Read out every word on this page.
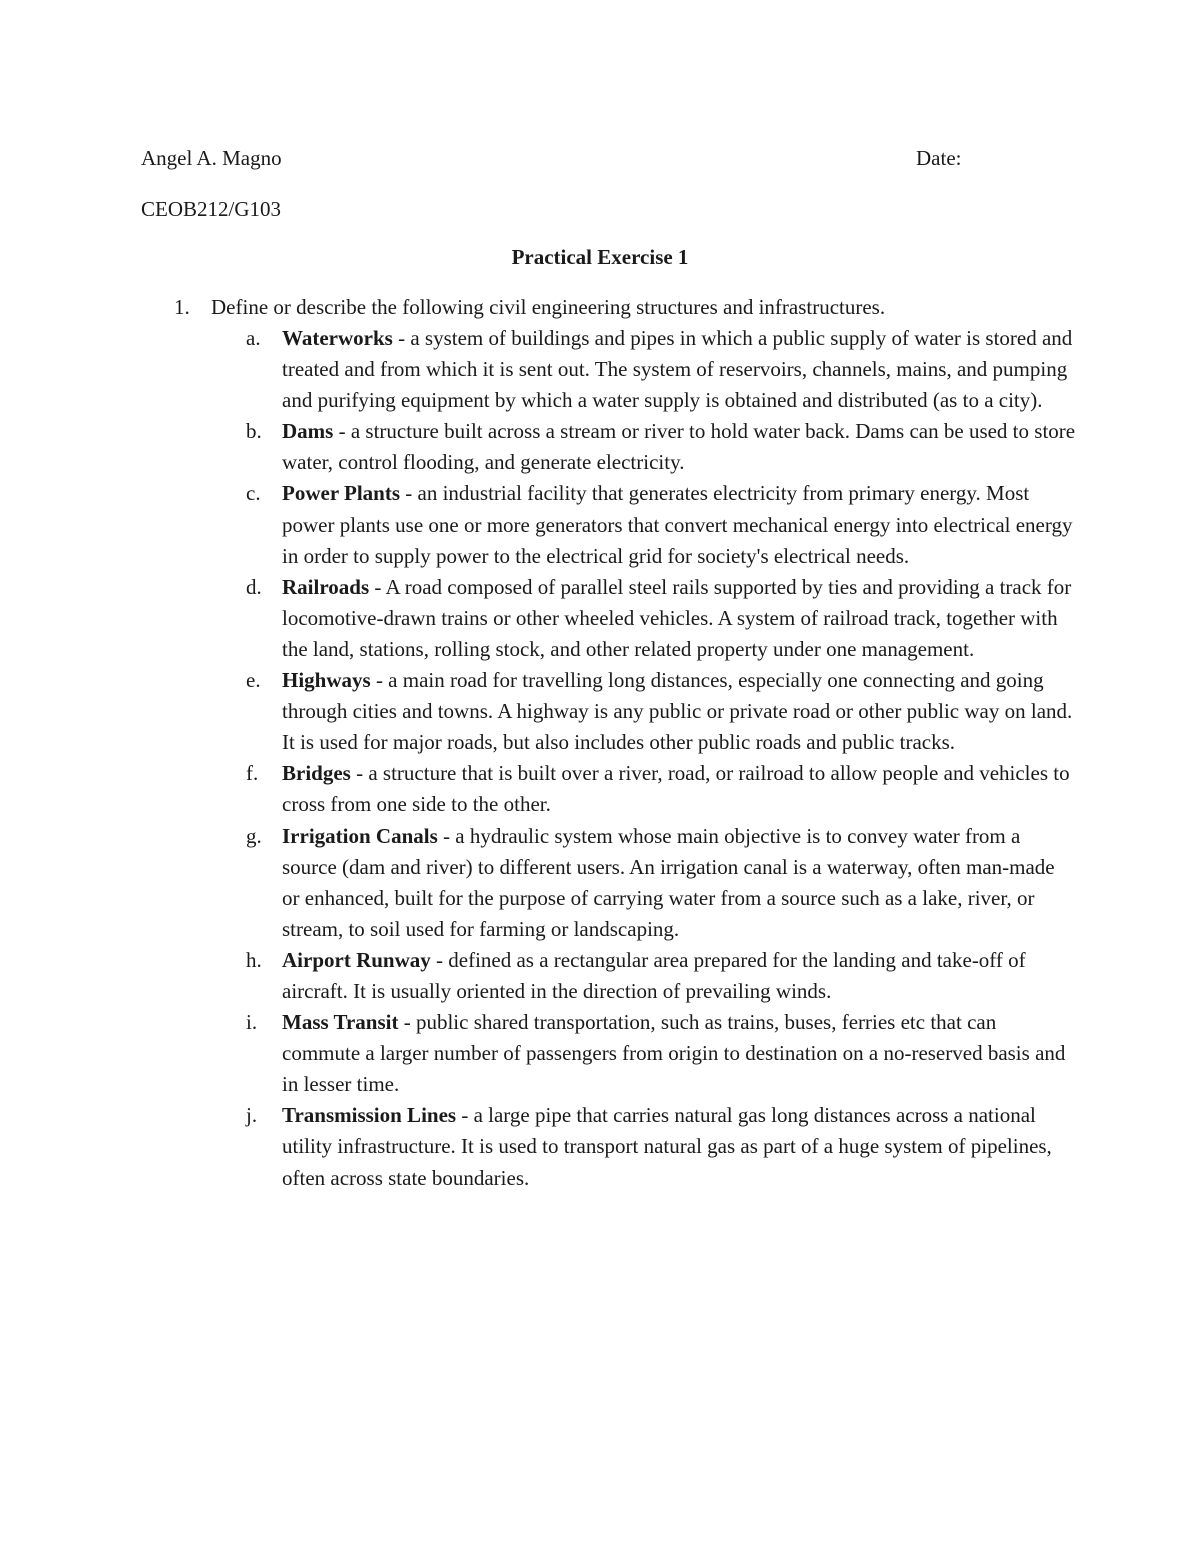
Angel A. Magno	Date:
CEOB212/G103
Practical Exercise 1
1. Define or describe the following civil engineering structures and infrastructures.
a. Waterworks - a system of buildings and pipes in which a public supply of water is stored and treated and from which it is sent out. The system of reservoirs, channels, mains, and pumping and purifying equipment by which a water supply is obtained and distributed (as to a city).
b. Dams - a structure built across a stream or river to hold water back. Dams can be used to store water, control flooding, and generate electricity.
c. Power Plants - an industrial facility that generates electricity from primary energy. Most power plants use one or more generators that convert mechanical energy into electrical energy in order to supply power to the electrical grid for society's electrical needs.
d. Railroads - A road composed of parallel steel rails supported by ties and providing a track for locomotive-drawn trains or other wheeled vehicles. A system of railroad track, together with the land, stations, rolling stock, and other related property under one management.
e. Highways - a main road for travelling long distances, especially one connecting and going through cities and towns. A highway is any public or private road or other public way on land. It is used for major roads, but also includes other public roads and public tracks.
f. Bridges - a structure that is built over a river, road, or railroad to allow people and vehicles to cross from one side to the other.
g. Irrigation Canals - a hydraulic system whose main objective is to convey water from a source (dam and river) to different users. An irrigation canal is a waterway, often man-made or enhanced, built for the purpose of carrying water from a source such as a lake, river, or stream, to soil used for farming or landscaping.
h. Airport Runway - defined as a rectangular area prepared for the landing and take-off of aircraft. It is usually oriented in the direction of prevailing winds.
i. Mass Transit - public shared transportation, such as trains, buses, ferries etc that can commute a larger number of passengers from origin to destination on a no-reserved basis and in lesser time.
j. Transmission Lines - a large pipe that carries natural gas long distances across a national utility infrastructure. It is used to transport natural gas as part of a huge system of pipelines, often across state boundaries.
